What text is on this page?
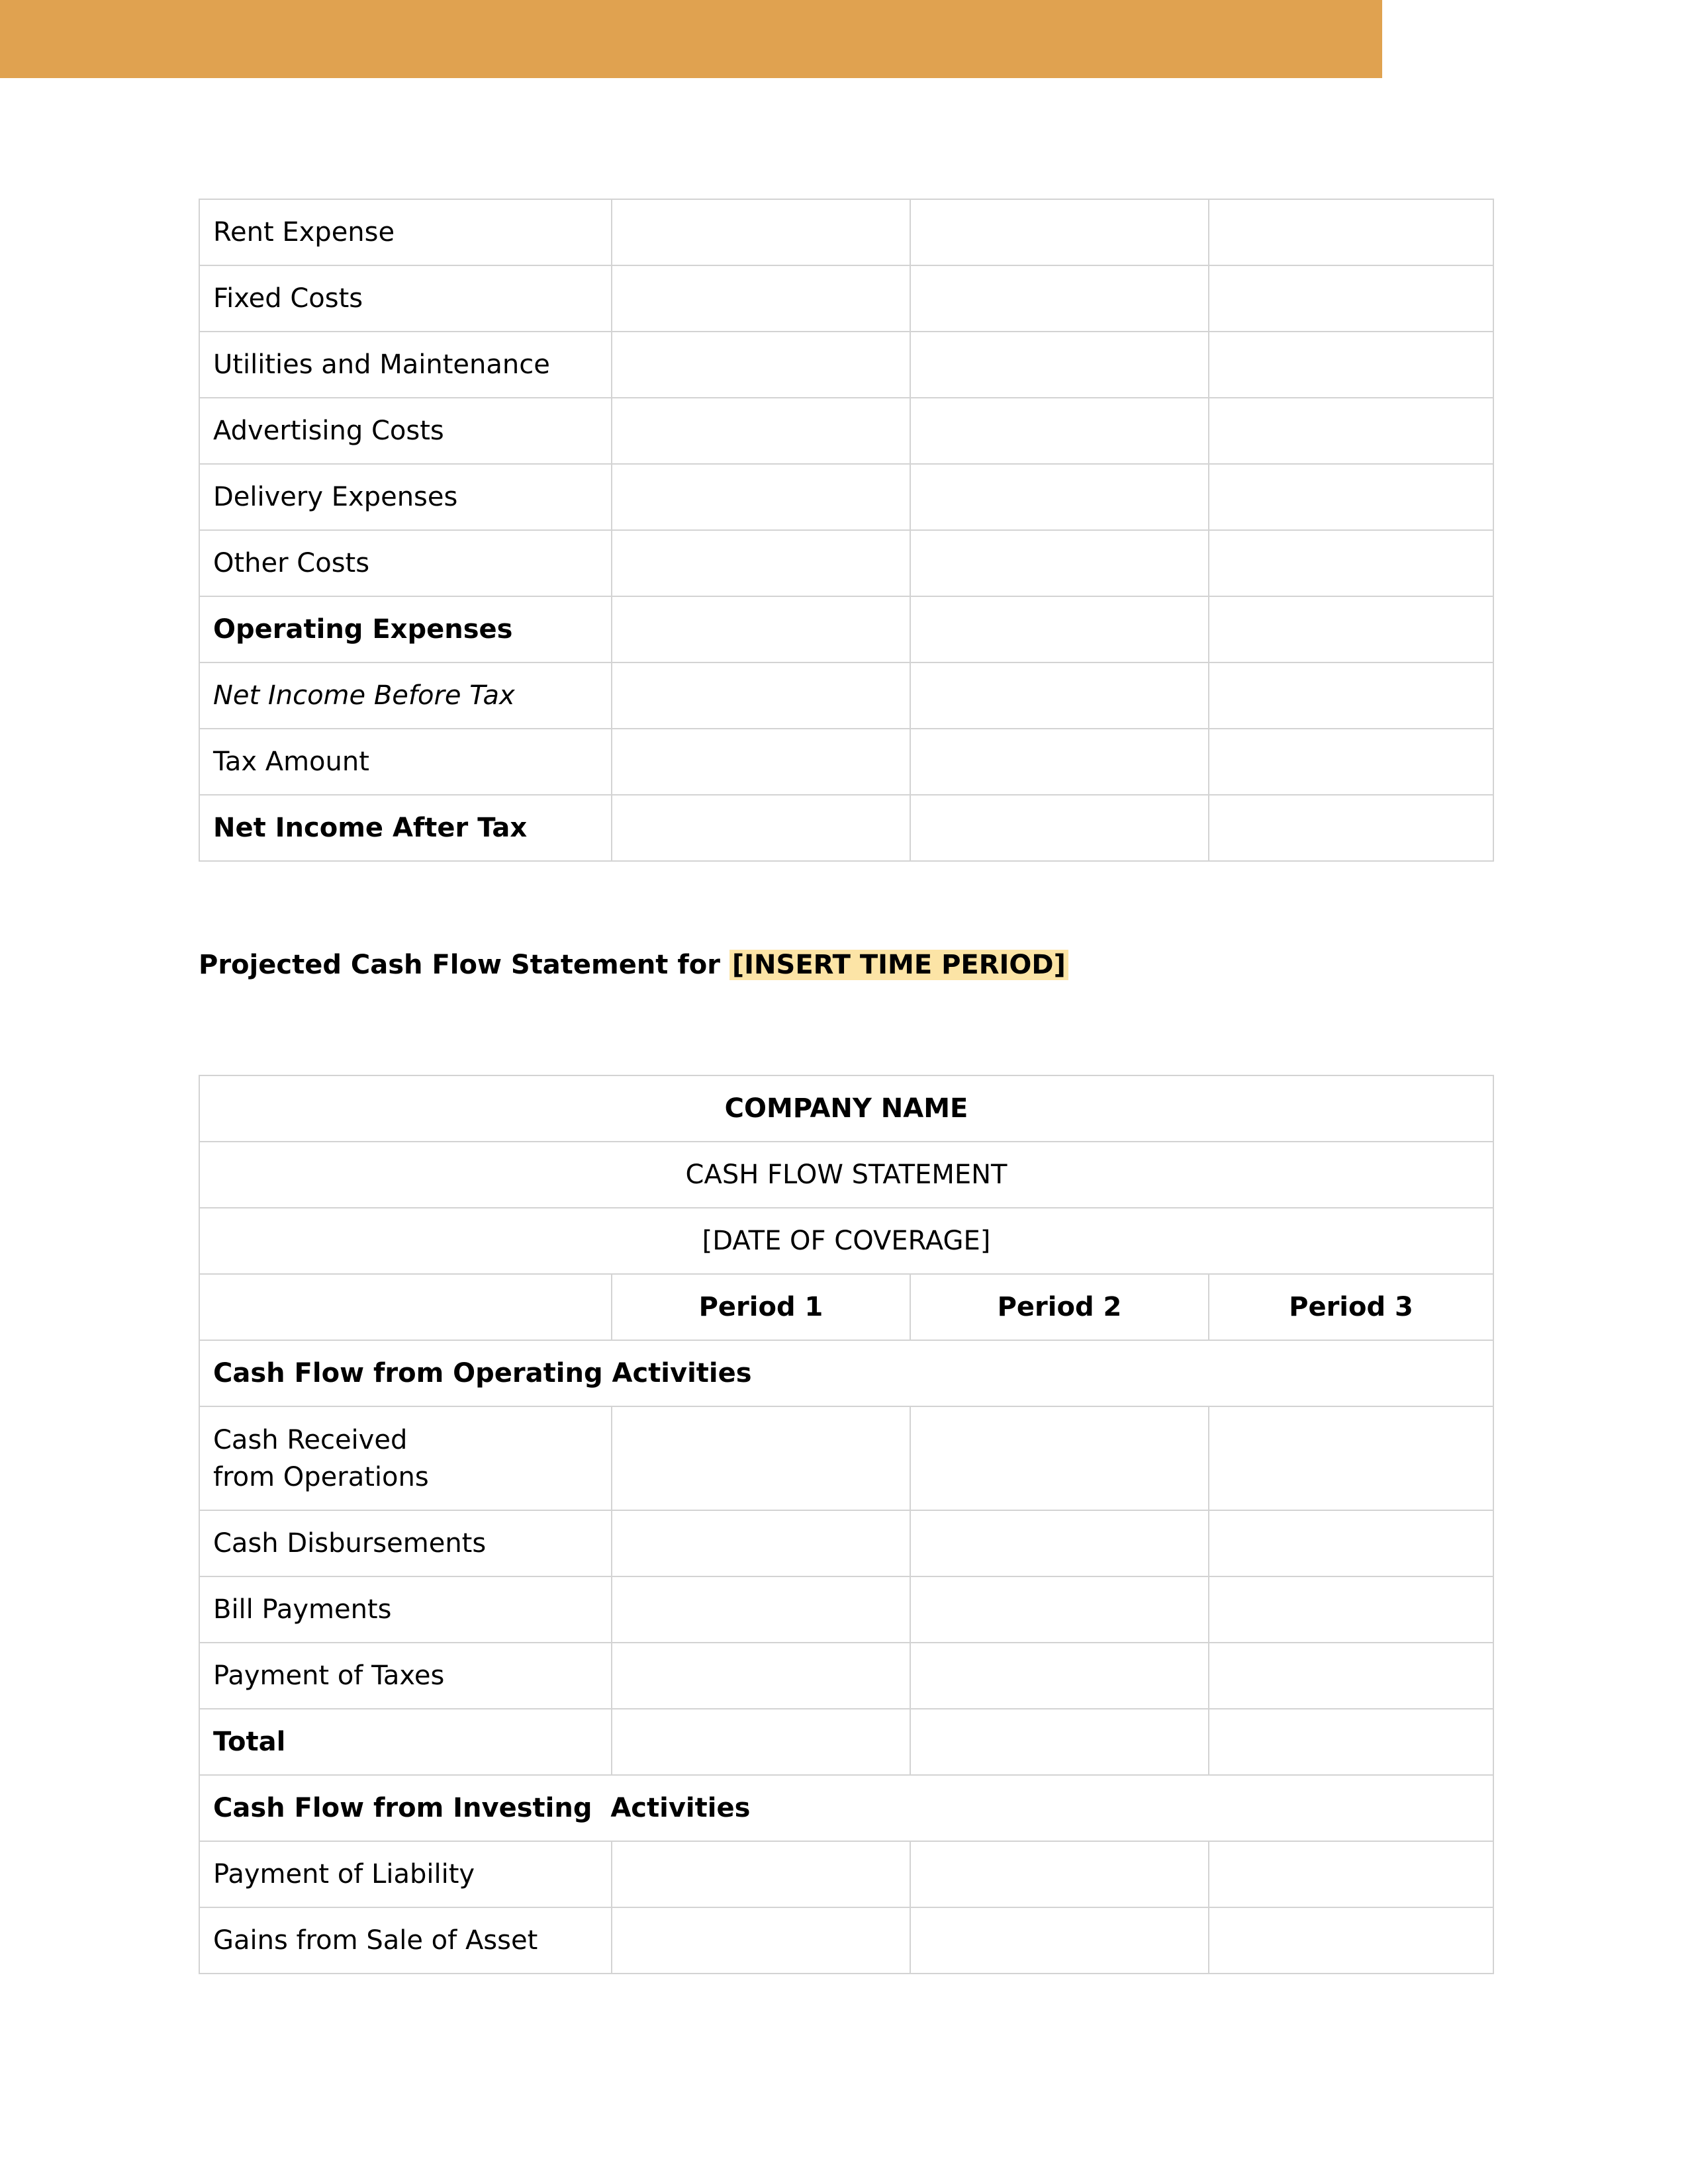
Rent Expense			
Fixed Costs			
Utilities and Maintenance			
Advertising Costs			
Delivery Expenses			
Other Costs			
Operating Expenses			
Net Income Before Tax			
Tax Amount			
Net Income After Tax			

Projected Cash Flow Statement for [INSERT TIME PERIOD]

COMPANY NAME			
CASH FLOW STATEMENT			
[DATE OF COVERAGE]			
	Period 1	Period 2	Period 3
Cash Flow from Operating Activities			

Cash Received from Operations			

Cash Disbursements			
Bill Payments			
Payment of Taxes			
Total			
Cash Flow from Investing  Activities			
Payment of Liability			
Gains from Sale of Asset			
